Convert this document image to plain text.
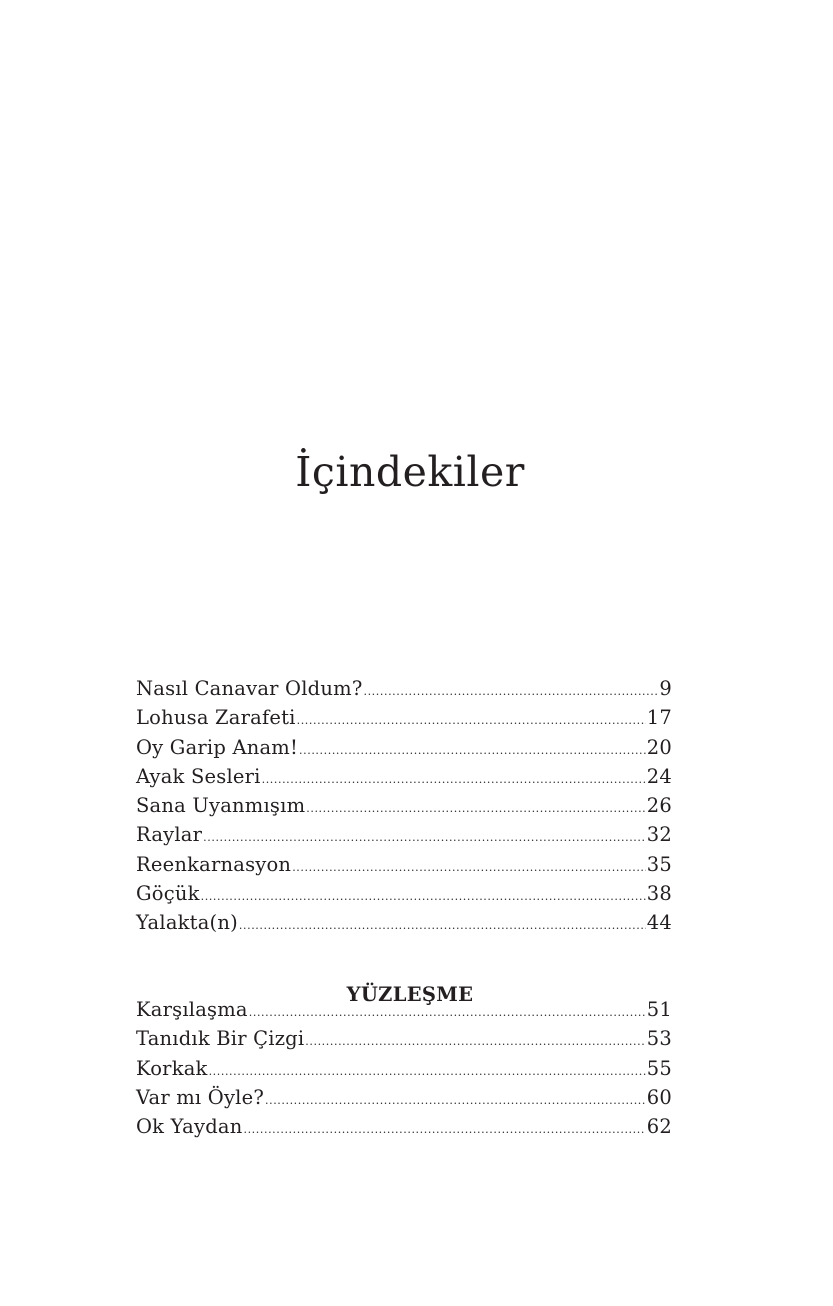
İçindekiler
Nasıl Canavar Oldum? .....	9
Lohusa Zarafeti .....	17
Oy Garip Anam! .....	20
Ayak Sesleri .....	24
Sana Uyanmışım .....	26
Raylar .....	32
Reenkarnasyon .....	35
Göçük .....	38
Yalakta(n) .....	44
YÜZLEŞME
Karşılaşma .....	51
Tanıdık Bir Çizgi .....	53
Korkak .....	55
Var mı Öyle? .....	60
Ok Yaydan .....	62
